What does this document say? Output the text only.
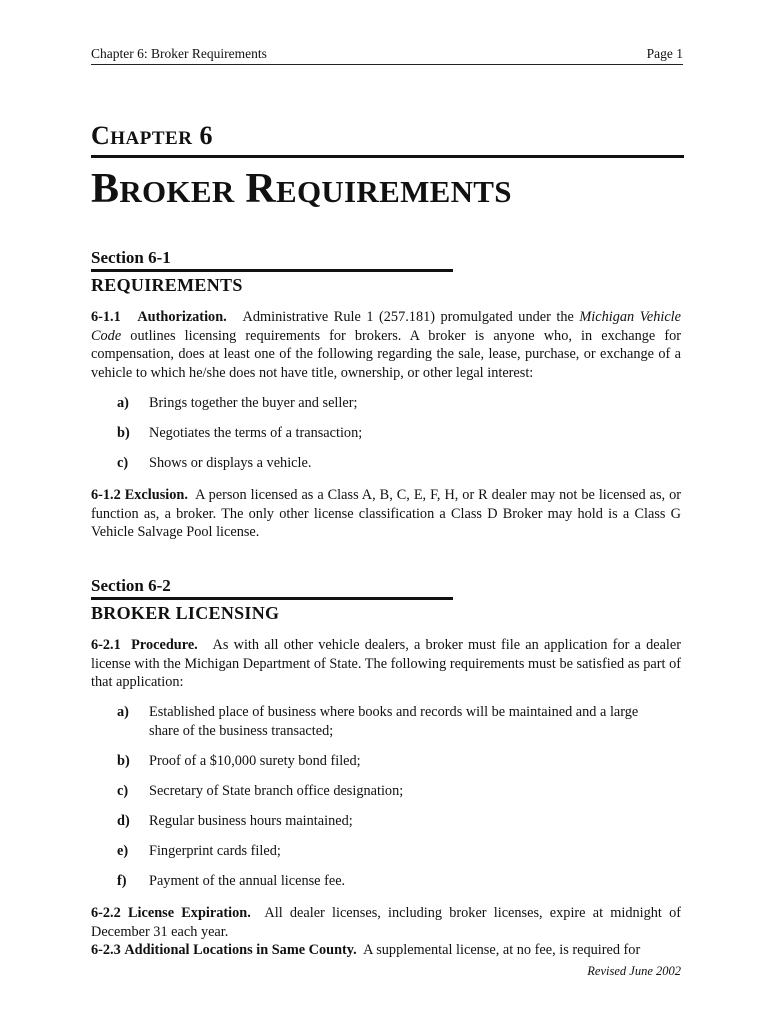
Chapter 6: Broker Requirements	Page 1
CHAPTER 6
BROKER REQUIREMENTS
Section 6-1
REQUIREMENTS
6-1.1 Authorization. Administrative Rule 1 (257.181) promulgated under the Michigan Vehicle Code outlines licensing requirements for brokers. A broker is anyone who, in exchange for compensation, does at least one of the following regarding the sale, lease, purchase, or exchange of a vehicle to which he/she does not have title, ownership, or other legal interest:
a) Brings together the buyer and seller;
b) Negotiates the terms of a transaction;
c) Shows or displays a vehicle.
6-1.2 Exclusion. A person licensed as a Class A, B, C, E, F, H, or R dealer may not be licensed as, or function as, a broker. The only other license classification a Class D Broker may hold is a Class G Vehicle Salvage Pool license.
Section 6-2
BROKER LICENSING
6-2.1 Procedure. As with all other vehicle dealers, a broker must file an application for a dealer license with the Michigan Department of State. The following requirements must be satisfied as part of that application:
a) Established place of business where books and records will be maintained and a large share of the business transacted;
b) Proof of a $10,000 surety bond filed;
c) Secretary of State branch office designation;
d) Regular business hours maintained;
e) Fingerprint cards filed;
f) Payment of the annual license fee.
6-2.2 License Expiration. All dealer licenses, including broker licenses, expire at midnight of December 31 each year.
6-2.3 Additional Locations in Same County. A supplemental license, at no fee, is required for
Revised June 2002
